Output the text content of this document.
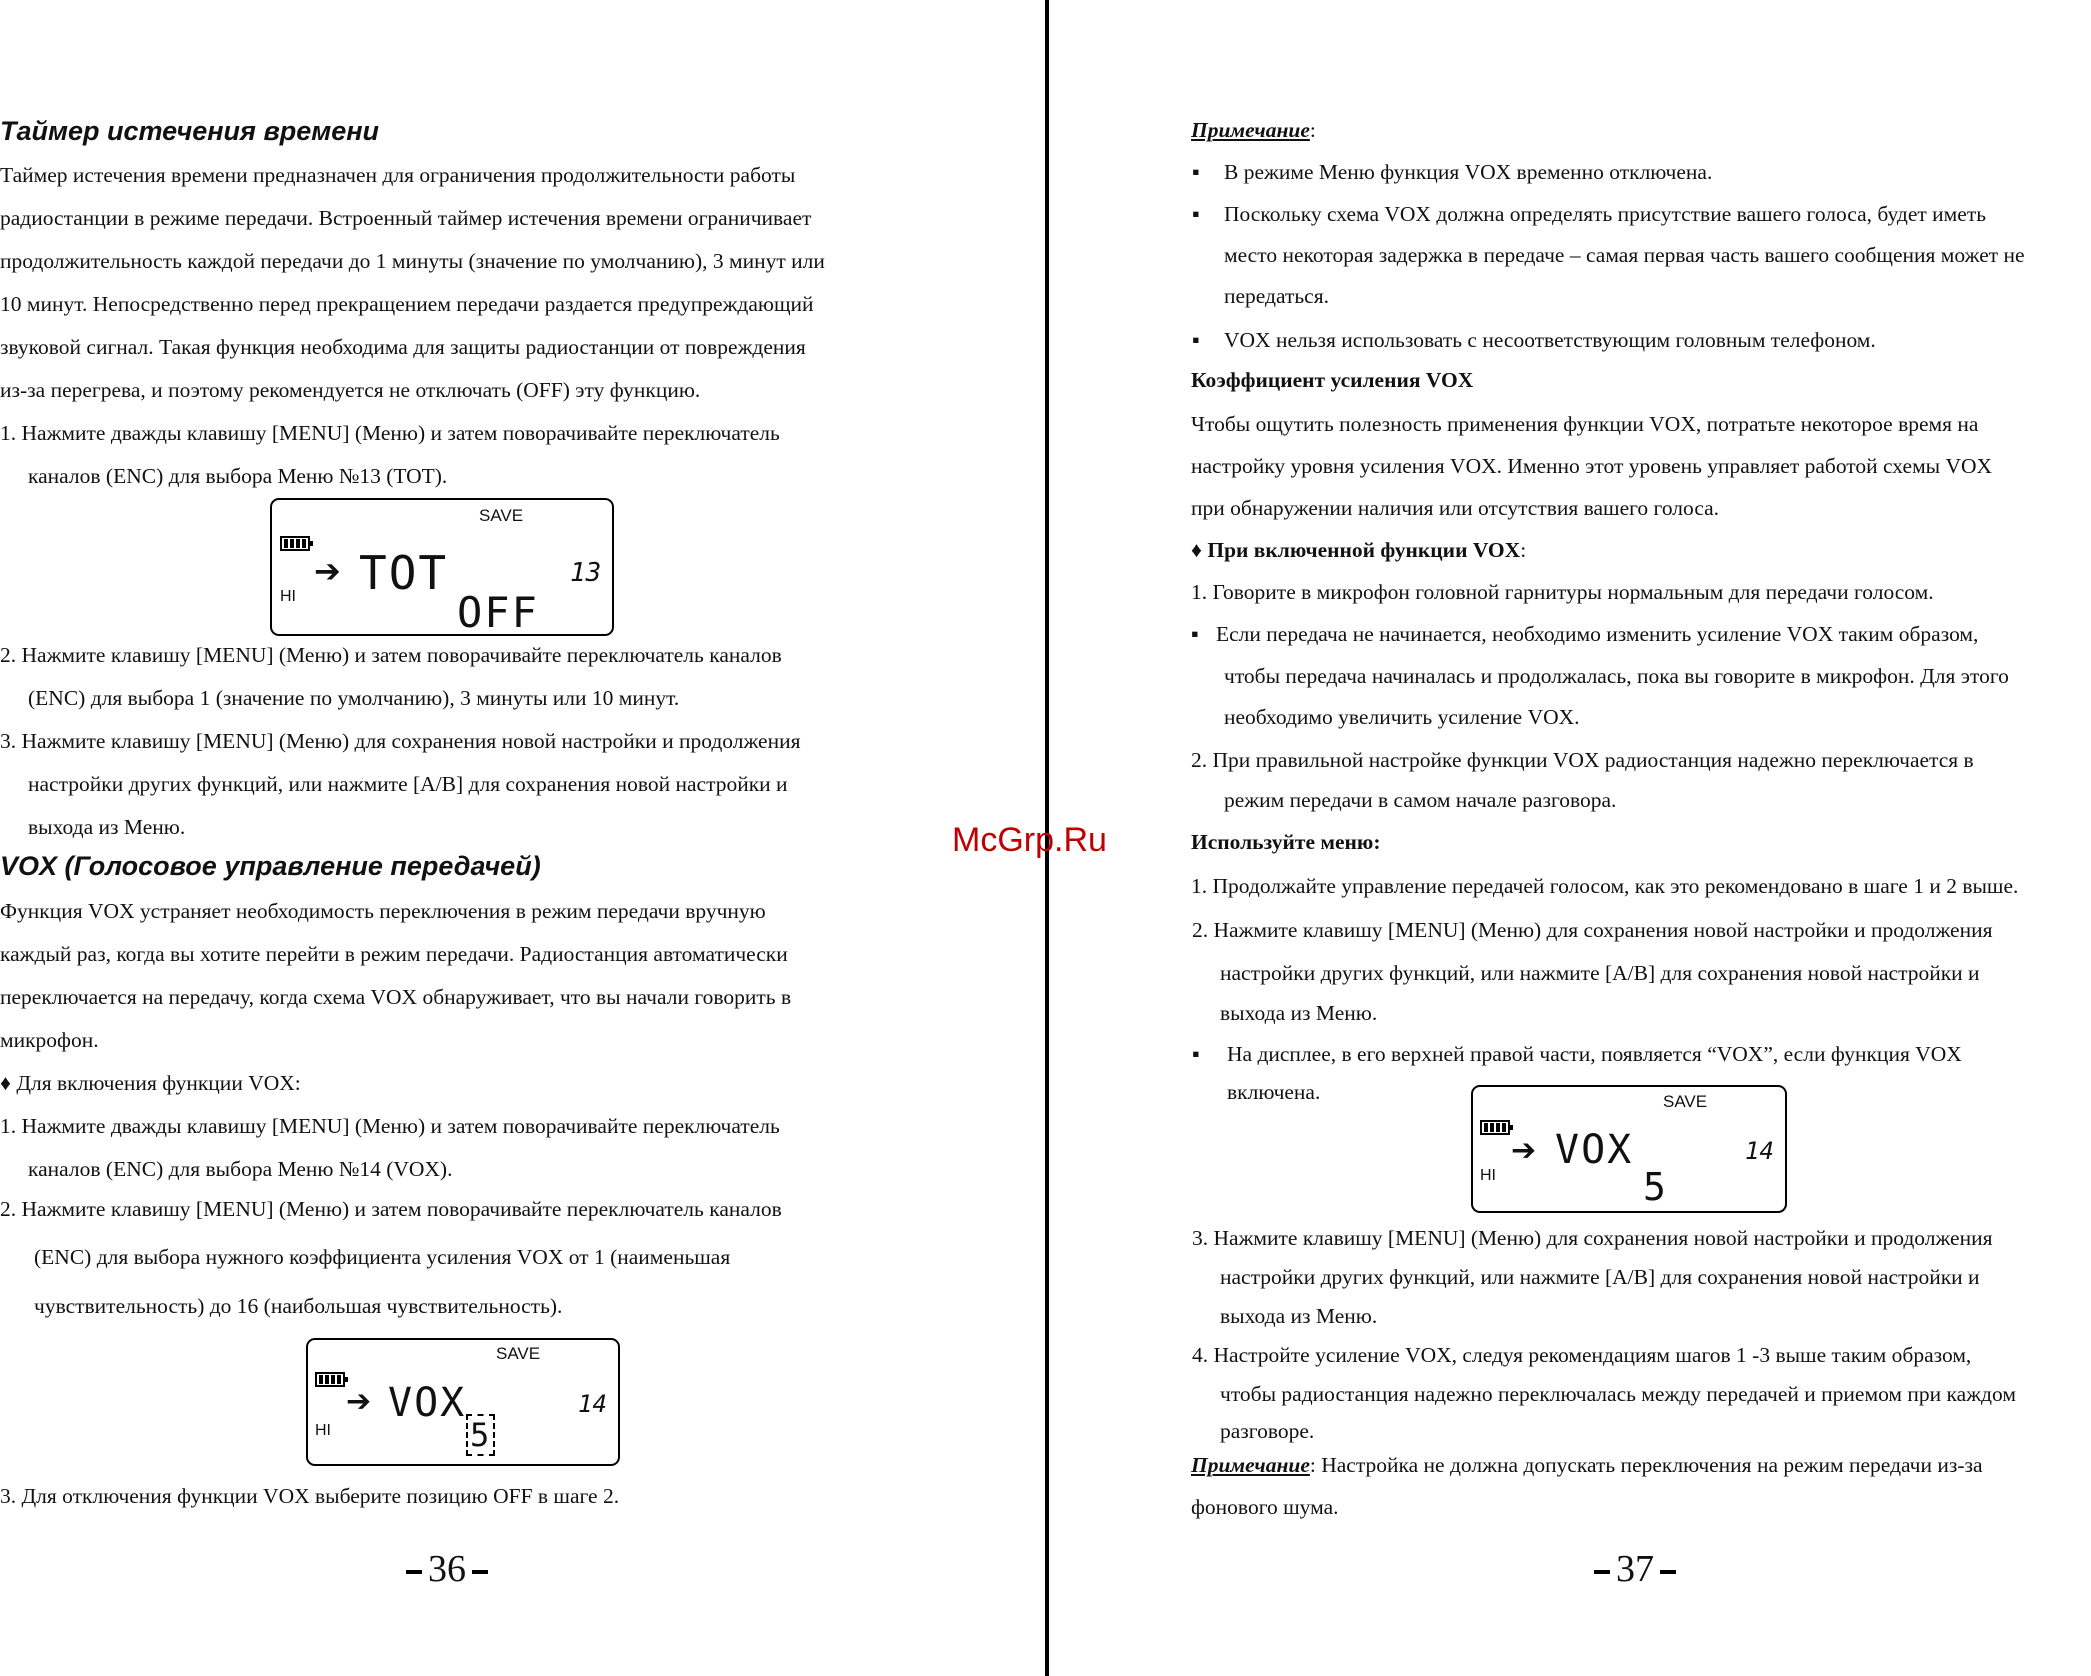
Таймер истечения времени
Таймер истечения времени предназначен для ограничения продолжительности работы
радиостанции в режиме передачи. Встроенный таймер истечения времени ограничивает
продолжительность каждой передачи до 1 минуты (значение по умолчанию), 3 минут или
10 минут. Непосредственно перед прекращением передачи раздается предупреждающий
звуковой сигнал. Такая функция необходима для защиты радиостанции от повреждения
из-за перегрева, и поэтому рекомендуется не отключать (OFF) эту функцию.
1. Нажмите дважды клавишу [MENU] (Меню) и затем поворачивайте переключатель
каналов (ENC) для выбора Меню №13 (TOT).
SAVE
HI
➔ TOT	13
OFF
2. Нажмите клавишу [MENU] (Меню) и затем поворачивайте переключатель каналов
(ENC) для выбора 1 (значение по умолчанию), 3 минуты или 10 минут.
3. Нажмите клавишу [MENU] (Меню) для сохранения новой настройки и продолжения
настройки других функций, или нажмите [A/B] для сохранения новой настройки и
выхода из Меню.
VOX (Голосовое управление передачей)
Функция VOX устраняет необходимость переключения в режим передачи вручную
каждый раз, когда вы хотите перейти в режим передачи. Радиостанция автоматически
переключается на передачу, когда схема VOX обнаруживает, что вы начали говорить в
микрофон.
♦ Для включения функции VOX:
1. Нажмите дважды клавишу [MENU] (Меню) и затем поворачивайте переключатель
каналов (ENC) для выбора Меню №14 (VOX).
2. Нажмите клавишу [MENU] (Меню) и затем поворачивайте переключатель каналов
(ENC) для выбора нужного коэффициента усиления VOX от 1 (наименьшая
чувствительность) до 16 (наибольшая чувствительность).
SAVE
HI
➔ VOX	14
5
3. Для отключения функции VOX выберите позицию OFF в шаге 2.
36
McGrp.Ru
Примечание:
▪ В режиме Меню функция VOX временно отключена.
▪ Поскольку схема VOX должна определять присутствие вашего голоса, будет иметь
место некоторая задержка в передаче – самая первая часть вашего сообщения может не
передаться.
▪ VOX нельзя использовать с несоответствующим головным телефоном.
Коэффициент усиления VOX
Чтобы ощутить полезность применения функции VOX, потратьте некоторое время на
настройку уровня усиления VOX. Именно этот уровень управляет работой схемы VOX
при обнаружении наличия или отсутствия вашего голоса.
♦ При включенной функции VOX:
1. Говорите в микрофон головной гарнитуры нормальным для передачи голосом.
▪ Если передача не начинается, необходимо изменить усиление VOX таким образом,
чтобы передача начиналась и продолжалась, пока вы говорите в микрофон. Для этого
необходимо увеличить усиление VOX.
2. При правильной настройке функции VOX радиостанция надежно переключается в
режим передачи в самом начале разговора.
Используйте меню:
1. Продолжайте управление передачей голосом, как это рекомендовано в шаге 1 и 2 выше.
2. Нажмите клавишу [MENU] (Меню) для сохранения новой настройки и продолжения
настройки других функций, или нажмите [A/B] для сохранения новой настройки и
выхода из Меню.
▪ На дисплее, в его верхней правой части, появляется “VOX”, если функция VOX
включена.	SAVE
HI
➔ VOX	14
5
3. Нажмите клавишу [MENU] (Меню) для сохранения новой настройки и продолжения
настройки других функций, или нажмите [A/B] для сохранения новой настройки и
выхода из Меню.
4. Настройте усиление VOX, следуя рекомендациям шагов 1 -3 выше таким образом,
чтобы радиостанция надежно переключалась между передачей и приемом при каждом
разговоре.
Примечание: Настройка не должна допускать переключения на режим передачи из-за
фонового шума.
37
